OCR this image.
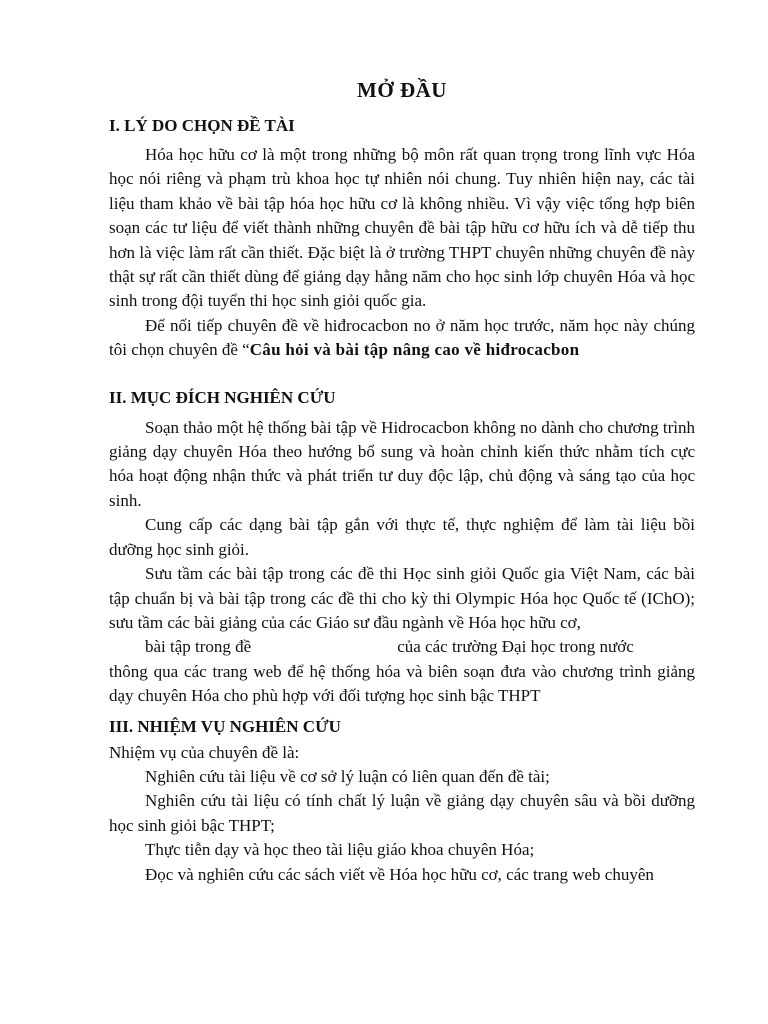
MỞ ĐẦU
I. LÝ DO CHỌN ĐỀ TÀI

Hóa học hữu cơ là một trong những bộ môn rất quan trọng trong lĩnh vực Hóa học nói riêng và phạm trù khoa học tự nhiên nói chung. Tuy nhiên hiện nay, các tài liệu tham khảo về bài tập hóa học hữu cơ là không nhiều. Vì vậy việc tổng hợp biên soạn các tư liệu để viết thành những chuyên đề bài tập hữu cơ hữu ích và dễ tiếp thu hơn là việc làm rất cần thiết. Đặc biệt là ở trường THPT chuyên những chuyên đề này thật sự rất cần thiết dùng để giảng dạy hằng năm cho học sinh lớp chuyên Hóa và học sinh trong đội tuyển thi học sinh giỏi quốc gia.

Để nối tiếp chuyên đề về hiđrocacbon no ở năm học trước, năm học này chúng tôi chọn chuyên đề “Câu hỏi và bài tập nâng cao về hiđrocacbon

II. MỤC ĐÍCH NGHIÊN CỨU

Soạn thảo một hệ thống bài tập về Hidrocacbon không no dành cho chương trình giảng dạy chuyên Hóa theo hướng bổ sung và hoàn chỉnh kiến thức nhằm tích cực hóa hoạt động nhận thức và phát triển tư duy độc lập, chủ động và sáng tạo của học sinh.

Cung cấp các dạng bài tập gắn với thực tế, thực nghiệm để làm tài liệu bồi dưỡng học sinh giỏi.

Sưu tầm các bài tập trong các đề thi Học sinh giỏi Quốc gia Việt Nam, các bài tập chuẩn bị và bài tập trong các đề thi cho kỳ thi Olympic Hóa học Quốc tế (IChO); sưu tầm các bài giảng của các Giáo sư đầu ngành về Hóa học hữu cơ,

bài tập trong đề	của các trường Đại học trong nước

thông qua các trang web để hệ thống hóa và biên soạn đưa vào chương trình giảng dạy chuyên Hóa cho phù hợp với đối tượng học sinh bậc THPT

III. NHIỆM VỤ NGHIÊN CỨU

Nhiệm vụ của chuyên đề là:

Nghiên cứu tài liệu về cơ sở lý luận có liên quan đến đề tài;

Nghiên cứu tài liệu có tính chất lý luận về giảng dạy chuyên sâu và bồi dưỡng học sinh giỏi bậc THPT;

Thực tiễn dạy và học theo tài liệu giáo khoa chuyên Hóa;

Đọc và nghiên cứu các sách viết về Hóa học hữu cơ, các trang web chuyên
